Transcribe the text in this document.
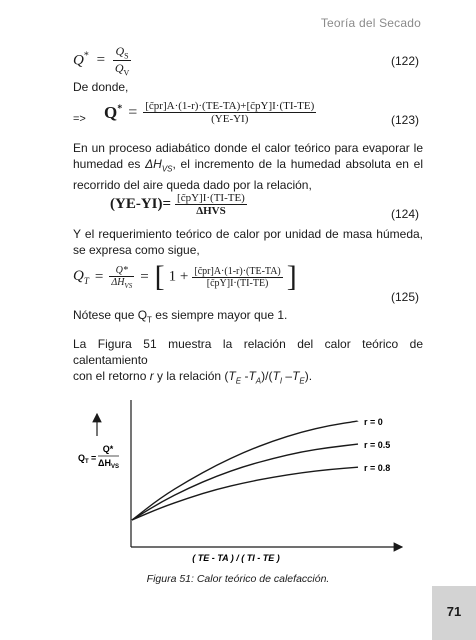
Teoría del Secado
$Q^* = \frac{Q_S}{Q_V}$	(122)
De donde,
=> $Q^* = \frac{[c̃pr]A\cdot(1-r)\cdot(TE-TA)+[c̃pY]I\cdot(TI-TE)}{(YE-YI)}$	(123)
En un proceso adiabático donde el calor teórico para evaporar le humedad es $\Delta H_{VS}$, el incremento de la humedad absoluta en el recorrido del aire queda dado por la relación,
$(YE-YI)= \frac{[c̃pY]I\cdot(TI-TE)}{\text{ΔHVS}}$	(124)
Y el requerimiento teórico de calor por unidad de masa húmeda, se expresa como sigue,
$Q_T = \frac{Q*}{\Delta H_{VS}}$ = [ $1 + \frac{[c̃pr]A\cdot(1-r)\cdot(TE-TA)}{[c̃pY]I\cdot(TI-TE)}$ ]
(125)
Nótese que $Q_T$ es siempre mayor que 1.
La Figura 51 muestra la relación del calor teórico de calentamiento
con el retorno r y la relación ($T_E$ $-T_A)/(T_I$ $-T_E$).
r = 0
r = 0.5
r = 0.8
$Q_T$ =
Q*
$\Delta H_{VS}$
( TE - TA ) / ( TI - TE )
Figura 51: Calor teórico de calefacción.
71
